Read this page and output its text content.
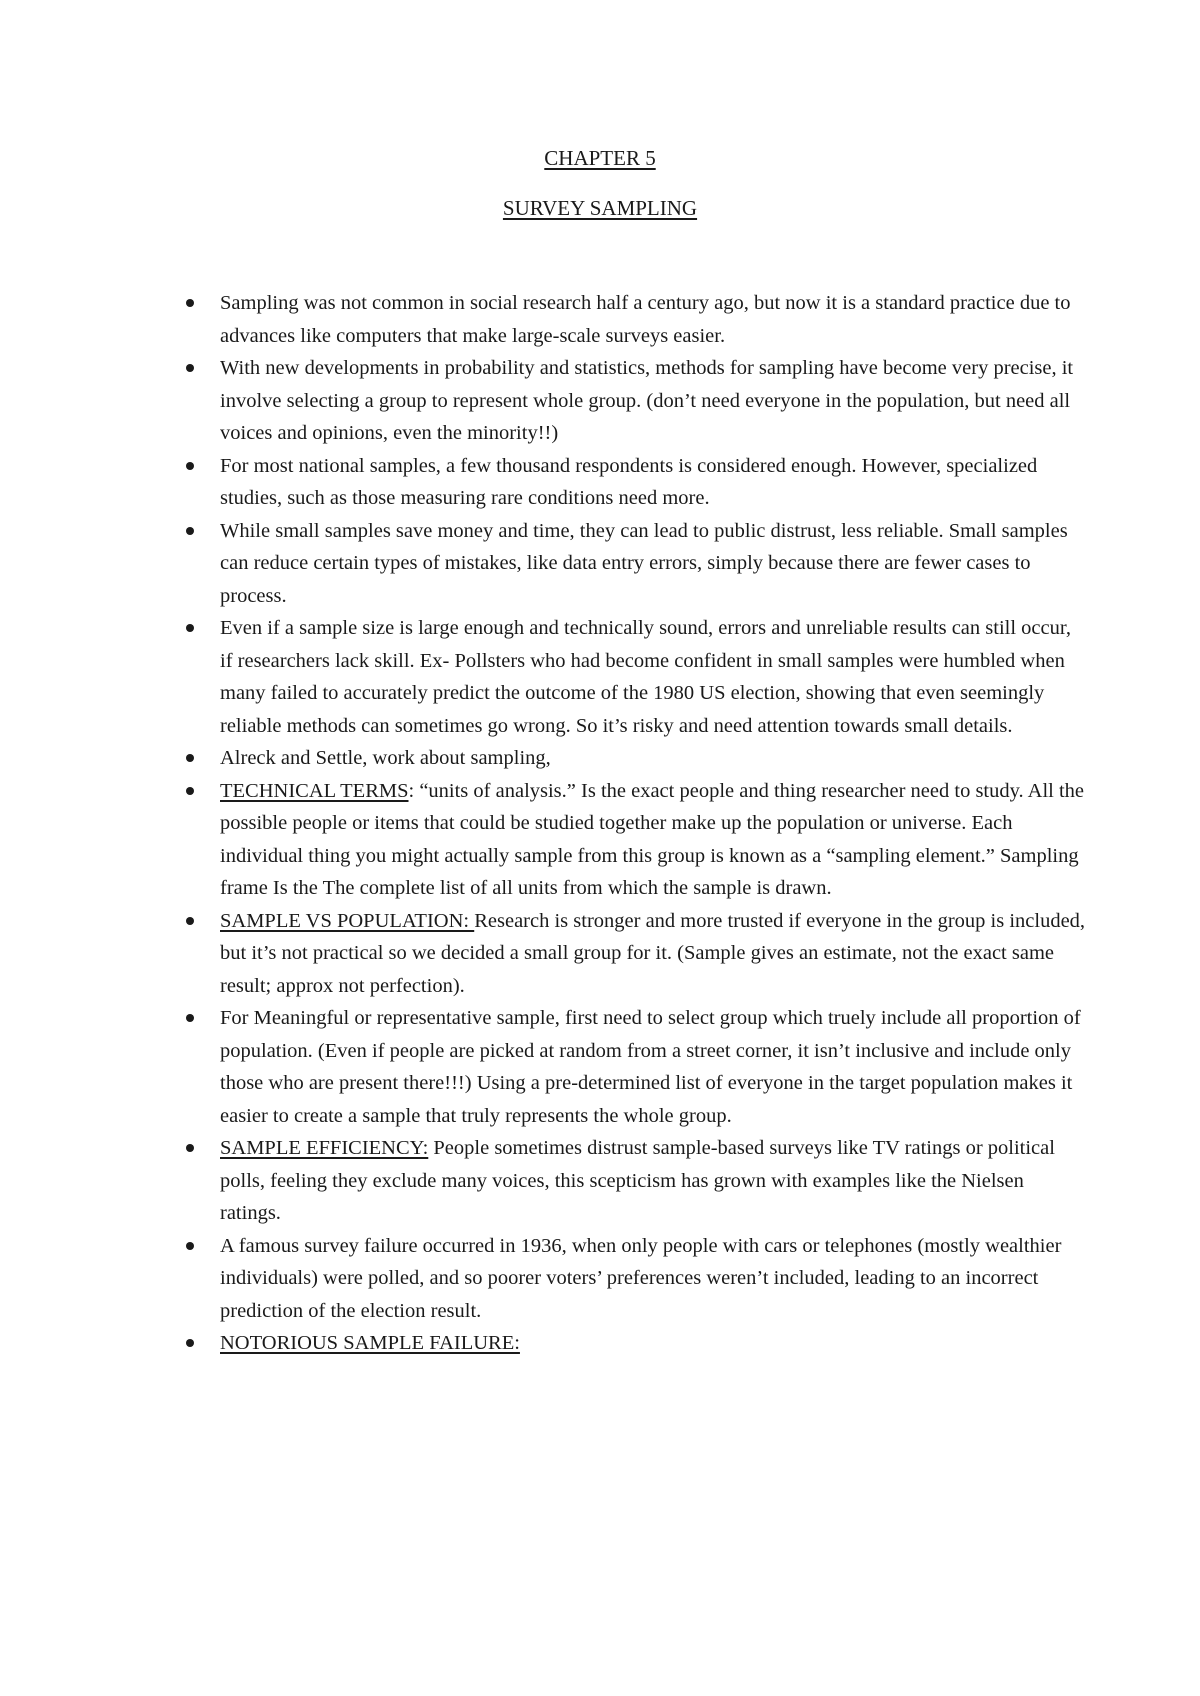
CHAPTER 5
SURVEY SAMPLING
Sampling was not common in social research half a century ago, but now it is a standard practice due to advances like computers that make large-scale surveys easier.
With new developments in probability and statistics, methods for sampling have become very precise, it involve selecting a group to represent whole group. (don’t need everyone in the population, but need all voices and opinions, even the minority!!)
For most national samples, a few thousand respondents is considered enough. However, specialized studies, such as those measuring rare conditions need more.
While small samples save money and time, they can lead to public distrust, less reliable. Small samples can reduce certain types of mistakes, like data entry errors, simply because there are fewer cases to process.
Even if a sample size is large enough and technically sound, errors and unreliable results can still occur, if researchers lack skill. Ex- Pollsters who had become confident in small samples were humbled when many failed to accurately predict the outcome of the 1980 US election, showing that even seemingly reliable methods can sometimes go wrong. So it’s risky and need attention towards small details.
Alreck and Settle, work about sampling,
TECHNICAL TERMS: “units of analysis.” Is the exact people and thing researcher need to study. All the possible people or items that could be studied together make up the population or universe. Each individual thing you might actually sample from this group is known as a “sampling element.” Sampling frame Is the The complete list of all units from which the sample is drawn.
SAMPLE VS POPULATION: Research is stronger and more trusted if everyone in the group is included, but it’s not practical so we decided a small group for it. (Sample gives an estimate, not the exact same result; approx not perfection).
For Meaningful or representative sample, first need to select group which truely include all proportion of population. (Even if people are picked at random from a street corner, it isn’t inclusive and include only those who are present there!!!) Using a pre-determined list of everyone in the target population makes it easier to create a sample that truly represents the whole group.
SAMPLE EFFICIENCY: People sometimes distrust sample-based surveys like TV ratings or political polls, feeling they exclude many voices, this scepticism has grown with examples like the Nielsen ratings.
A famous survey failure occurred in 1936, when only people with cars or telephones (mostly wealthier individuals) were polled, and so poorer voters’ preferences weren’t included, leading to an incorrect prediction of the election result.
NOTORIOUS SAMPLE FAILURE:
